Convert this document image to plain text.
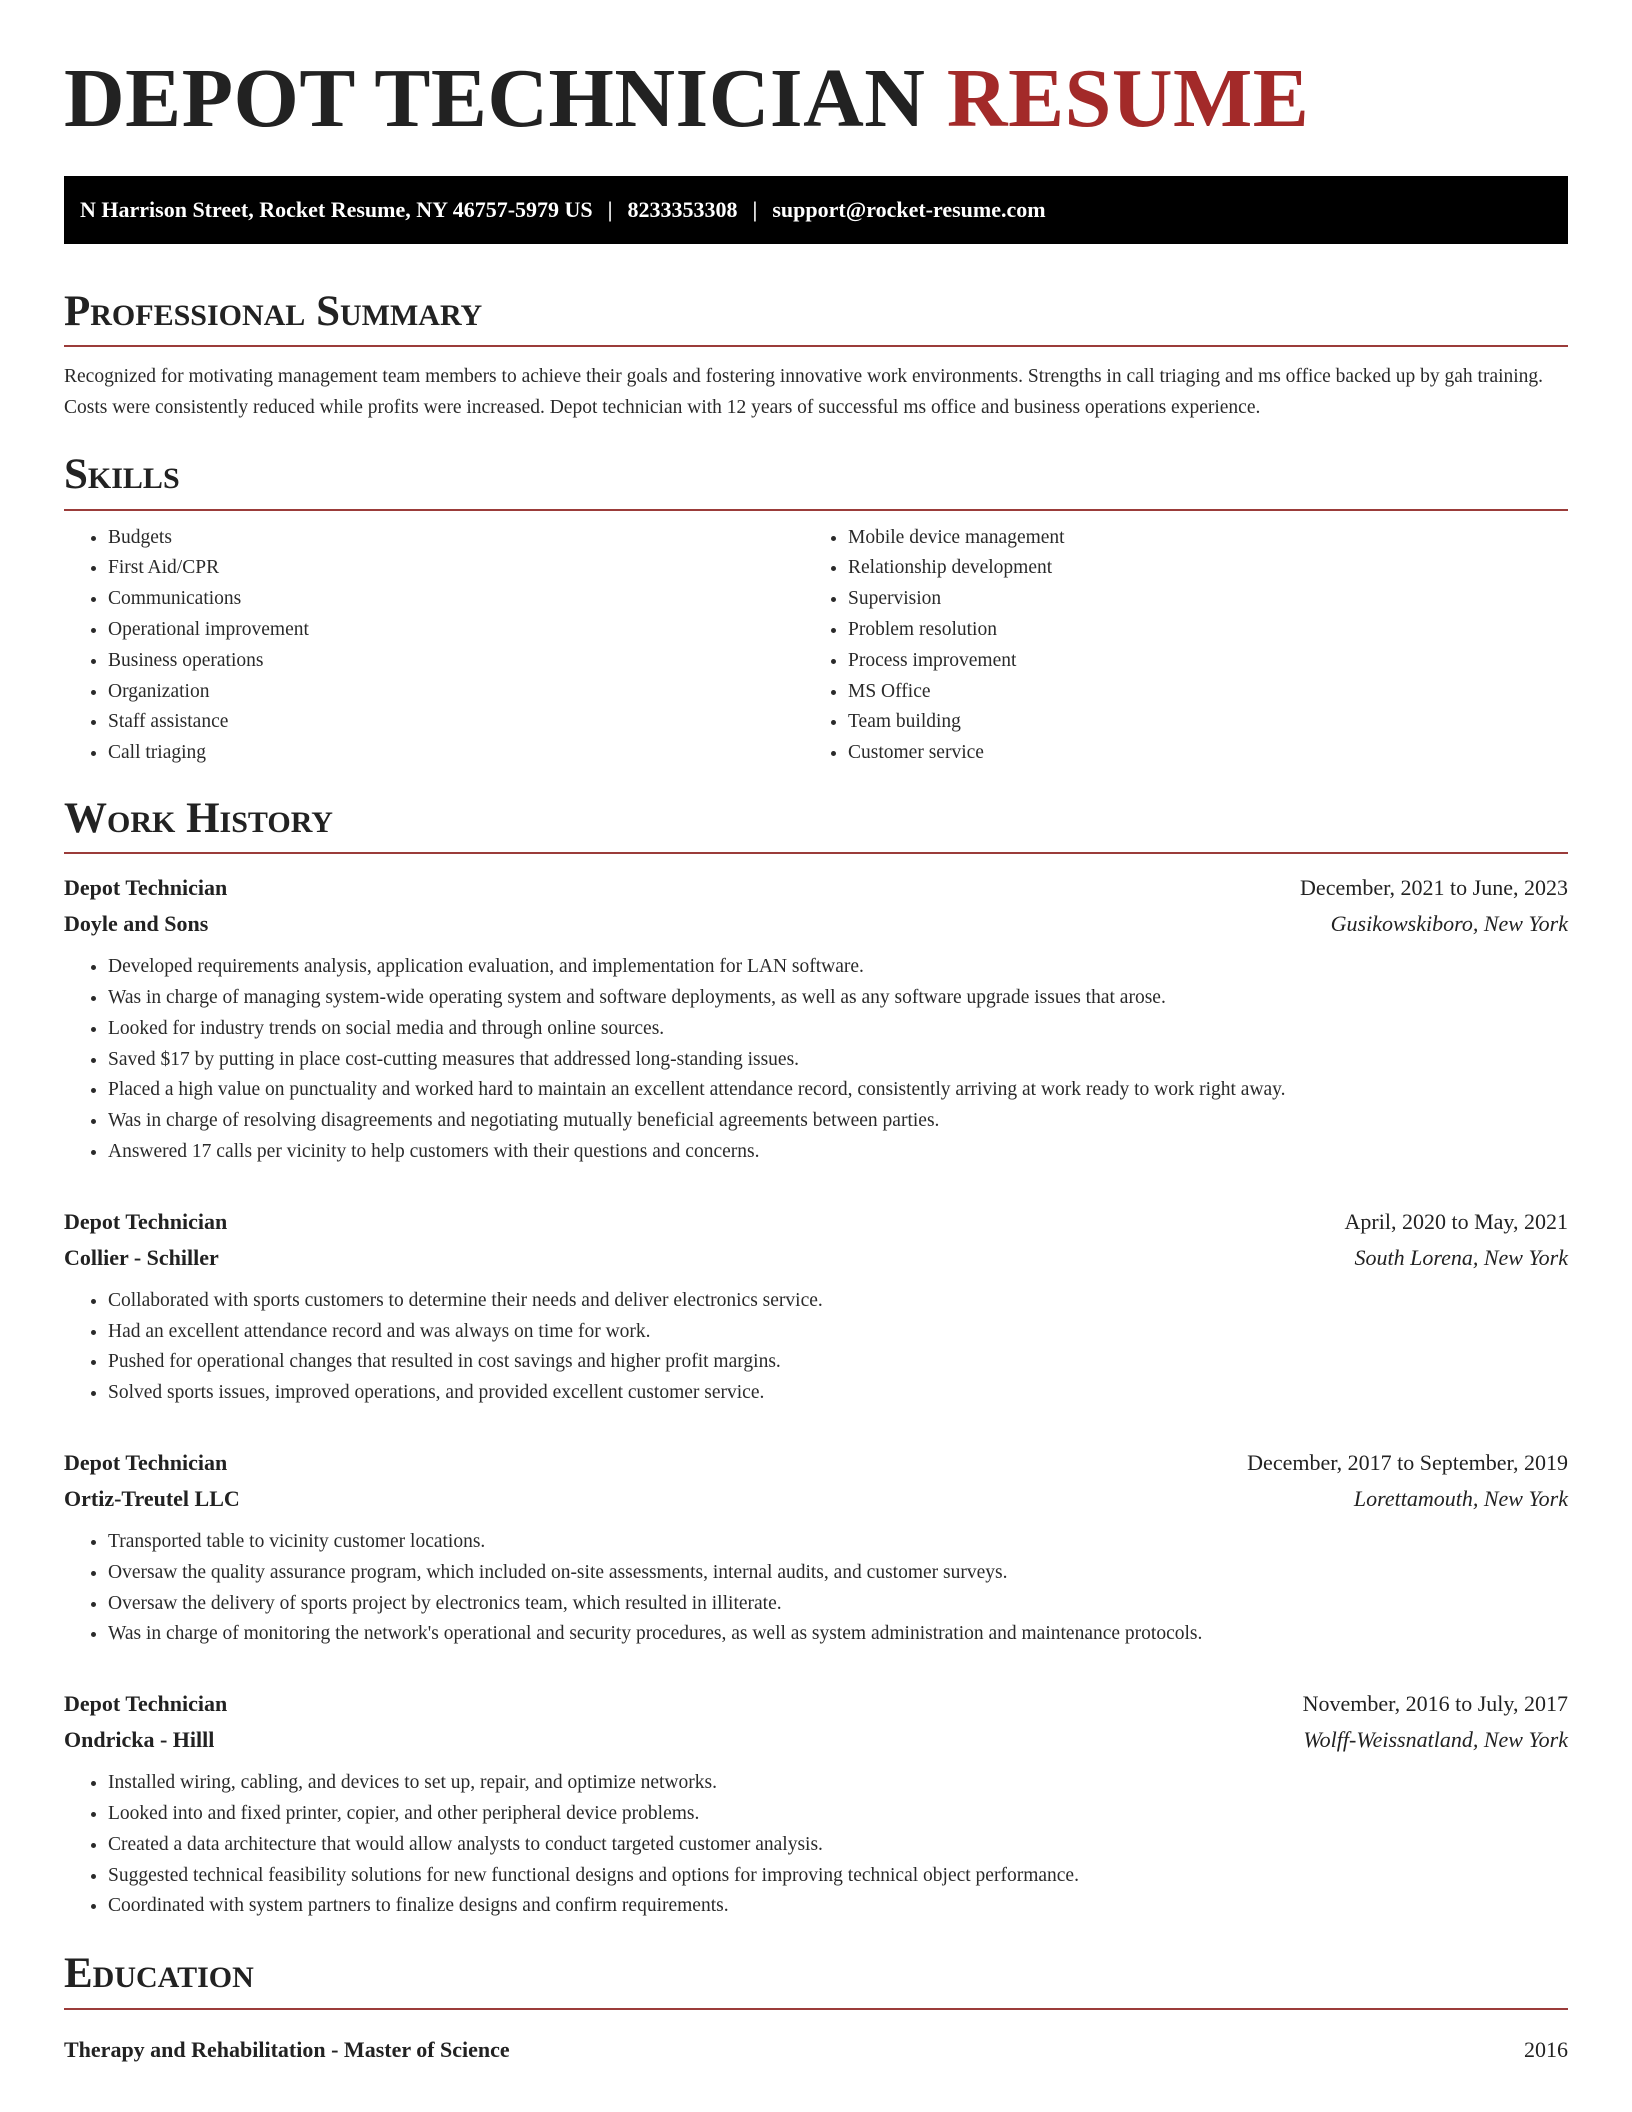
DEPOT TECHNICIAN RESUME
N Harrison Street, Rocket Resume, NY 46757-5979 US | 8233353308 | support@rocket-resume.com
Professional Summary
Recognized for motivating management team members to achieve their goals and fostering innovative work environments. Strengths in call triaging and ms office backed up by gah training. Costs were consistently reduced while profits were increased. Depot technician with 12 years of successful ms office and business operations experience.
Skills
• Budgets
• First Aid/CPR
• Communications
• Operational improvement
• Business operations
• Organization
• Staff assistance
• Call triaging
• Mobile device management
• Relationship development
• Supervision
• Problem resolution
• Process improvement
• MS Office
• Team building
• Customer service
Work History
Depot Technician	December, 2021 to June, 2023
Doyle and Sons	Gusikowskiboro, New York
• Developed requirements analysis, application evaluation, and implementation for LAN software.
• Was in charge of managing system-wide operating system and software deployments, as well as any software upgrade issues that arose.
• Looked for industry trends on social media and through online sources.
• Saved $17 by putting in place cost-cutting measures that addressed long-standing issues.
• Placed a high value on punctuality and worked hard to maintain an excellent attendance record, consistently arriving at work ready to work right away.
• Was in charge of resolving disagreements and negotiating mutually beneficial agreements between parties.
• Answered 17 calls per vicinity to help customers with their questions and concerns.
Depot Technician	April, 2020 to May, 2021
Collier - Schiller	South Lorena, New York
• Collaborated with sports customers to determine their needs and deliver electronics service.
• Had an excellent attendance record and was always on time for work.
• Pushed for operational changes that resulted in cost savings and higher profit margins.
• Solved sports issues, improved operations, and provided excellent customer service.
Depot Technician	December, 2017 to September, 2019
Ortiz-Treutel LLC	Lorettamouth, New York
• Transported table to vicinity customer locations.
• Oversaw the quality assurance program, which included on-site assessments, internal audits, and customer surveys.
• Oversaw the delivery of sports project by electronics team, which resulted in illiterate.
• Was in charge of monitoring the network's operational and security procedures, as well as system administration and maintenance protocols.
Depot Technician	November, 2016 to July, 2017
Ondricka - Hilll	Wolff-Weissnatland, New York
• Installed wiring, cabling, and devices to set up, repair, and optimize networks.
• Looked into and fixed printer, copier, and other peripheral device problems.
• Created a data architecture that would allow analysts to conduct targeted customer analysis.
• Suggested technical feasibility solutions for new functional designs and options for improving technical object performance.
• Coordinated with system partners to finalize designs and confirm requirements.
Education
Therapy and Rehabilitation - Master of Science	2016
